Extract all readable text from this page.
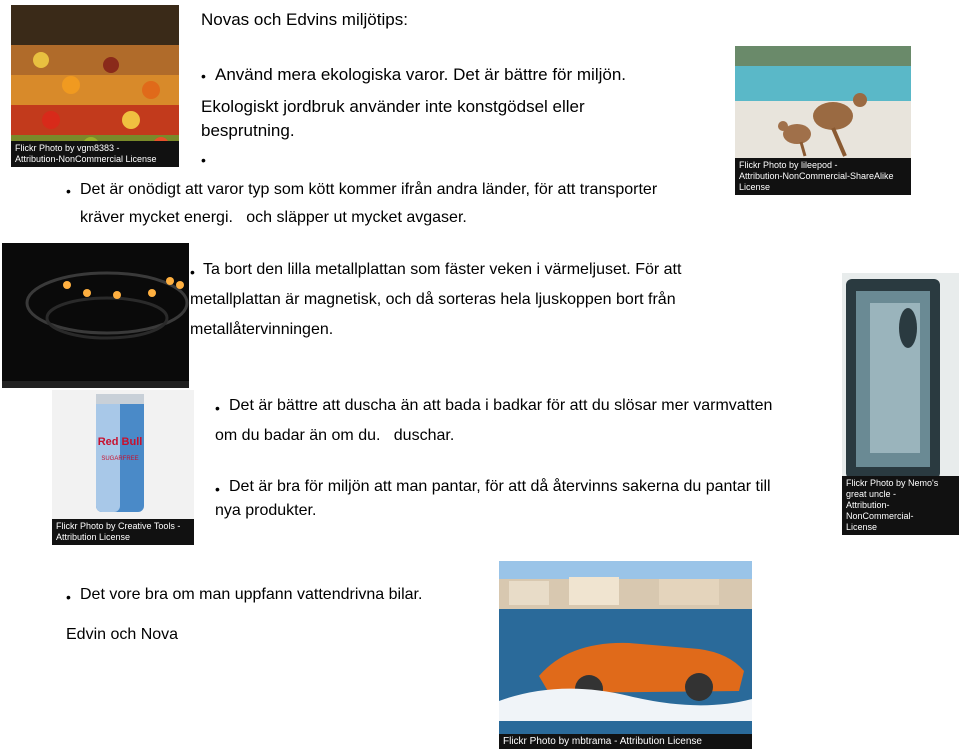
Novas och Edvins miljötips:
Flickr Photo by vgm8383 -
Attribution-NonCommercial License
Flickr Photo by lileepod -
Attribution-NonCommercial-ShareAlike License
• Använd mera ekologiska varor. Det är bättre för miljön.
Ekologiskt jordbruk använder inte konstgödsel eller
besprutning.
•
• Det är onödigt att varor typ som kött kommer ifrån andra länder, för att transporter
kräver mycket energi.   och släpper ut mycket avgaser.
• Ta bort den lilla metallplattan som fäster veken i värmeljuset. För att
metallplattan är magnetisk, och då sorteras hela ljuskoppen bort från
metallåtervinningen.
Flickr Photo by Nemo's
great uncle -
Attribution-NonCommercial-
License
Red Bull
SUGARFREE
Flickr Photo by Creative Tools -
Attribution License
• Det är bättre att duscha än att bada i badkar för att du slösar mer varmvatten
om du badar än om du.   duschar.
• Det är bra för miljön att man pantar, för att då återvinns sakerna du pantar till
nya produkter.
• Det vore bra om man uppfann vattendrivna bilar.
Edvin och Nova
Flickr Photo by mbtrama - Attribution License
